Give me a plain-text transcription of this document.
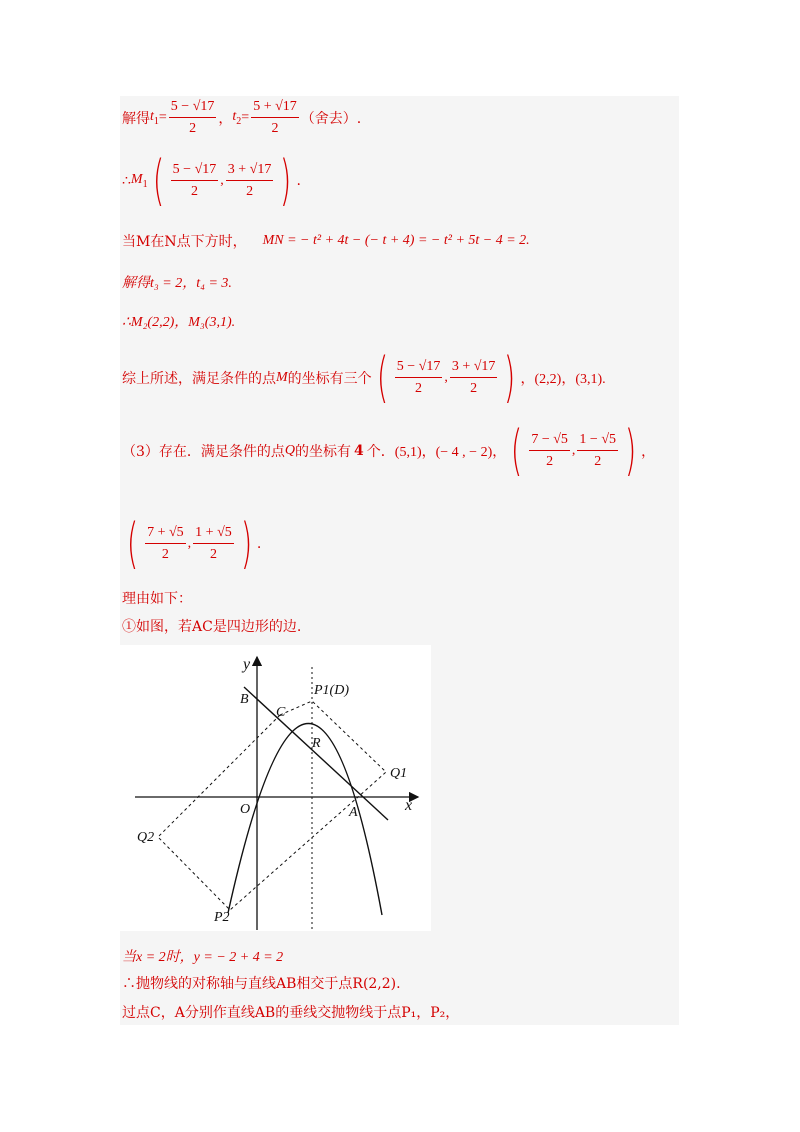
解得 $t_1 = \frac{5 - √17}{2}$ ， $t_2 = \frac{5 + √17}{2}$ （舍去）.
∴ $M_1$ ( $\frac{5 - √17}{2}$ , $\frac{3 + √17}{2}$ ) .
当M在N点下方时， MN = − t² + 4t − (− t + 4) = − t² + 5t − 4 = 2.
解得t₃ = 2，t₄ = 3.
∴M₂(2,2)，M₃(3,1).
综上所述，满足条件的点 M 的坐标有三个 ( $\frac{5 - √17}{2}$ , $\frac{3 + √17}{2}$ ) ，(2,2)，(3,1).
（3）存在．满足条件的点 Q 的坐标有 4 个．(5,1)，(− 4 , − 2)， ( $\frac{7 - √5}{2}$ , $\frac{1 - √5}{2}$ ) ，
( $\frac{7 + √5}{2}$ , $\frac{1 + √5}{2}$ ) .
理由如下：
①如图，若AC是四边形的边.
y
x
B
C
P1(D)
R
Q1
O	A
Q2
P2
当x = 2时，y = − 2 + 4 = 2
∴抛物线的对称轴与直线AB相交于点R(2,2).
过点C，A分别作直线AB的垂线交抛物线于点P₁，P₂，
